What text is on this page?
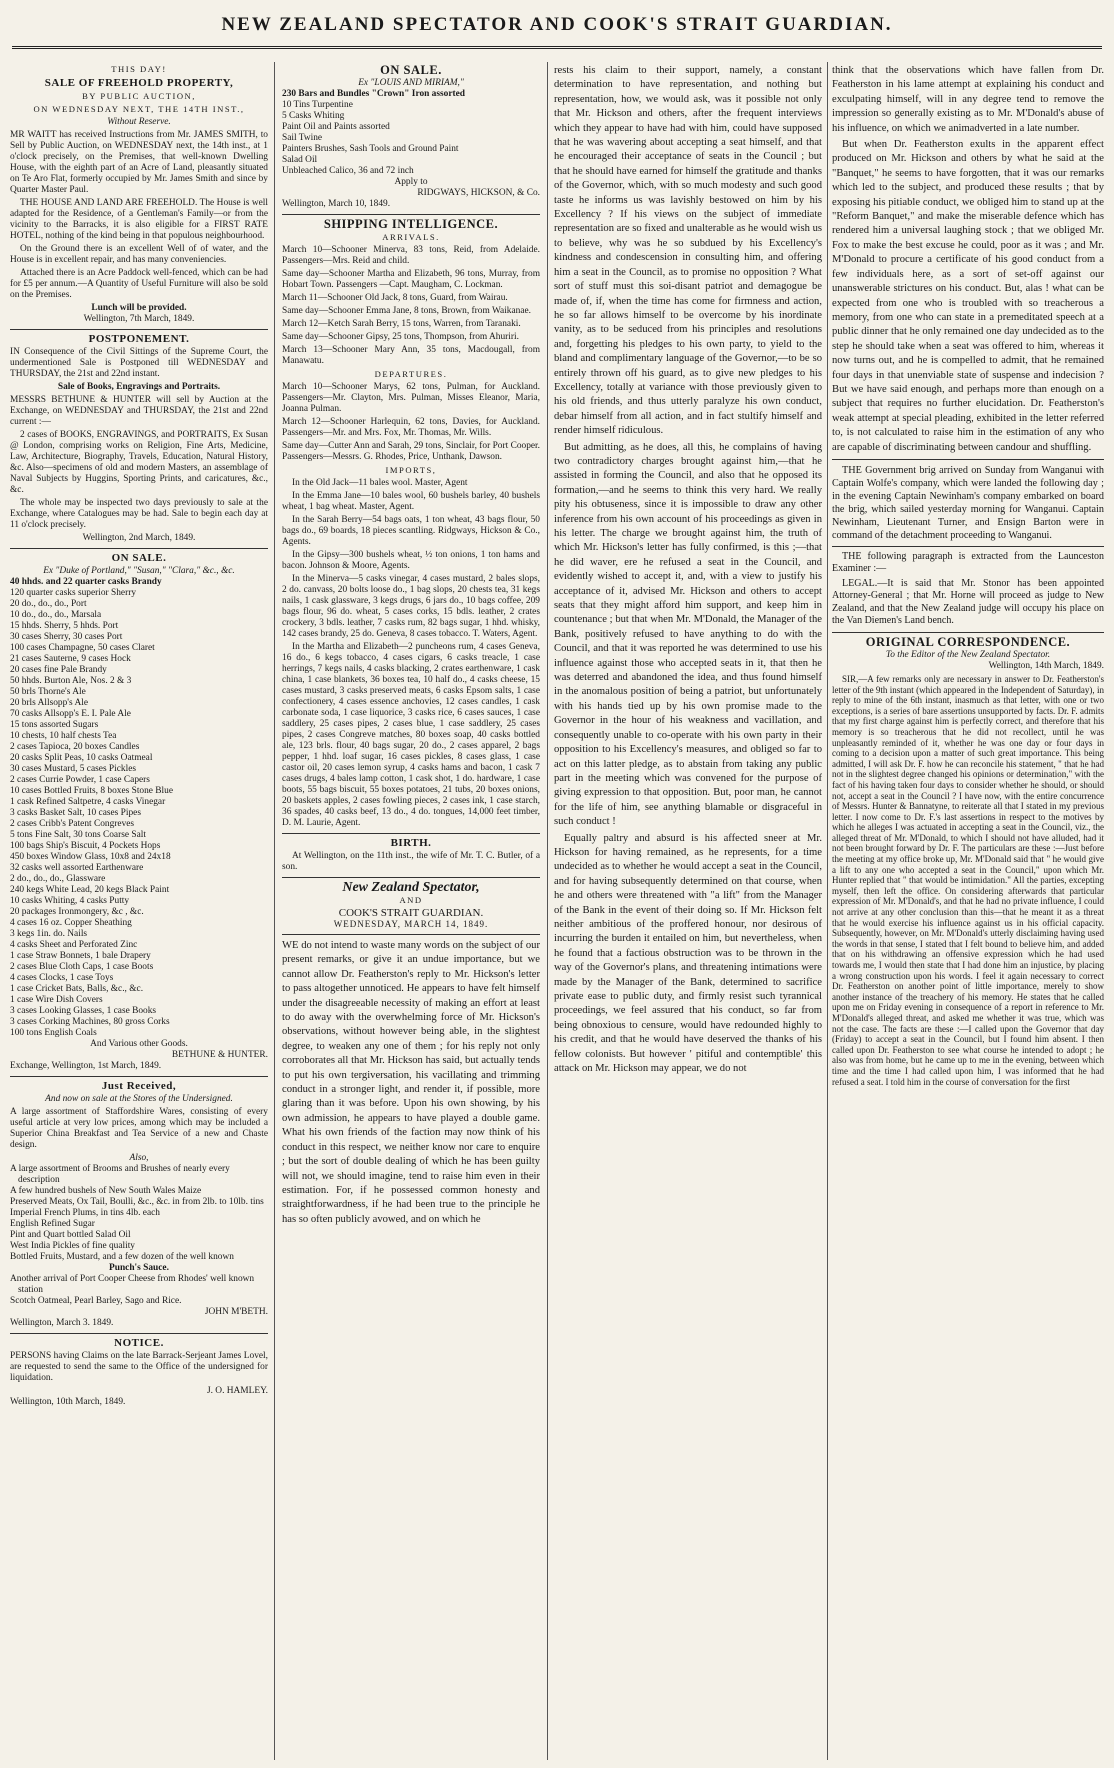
NEW ZEALAND SPECTATOR AND COOK'S STRAIT GUARDIAN.
THIS DAY!
SALE OF FREEHOLD PROPERTY,
BY PUBLIC AUCTION,
ON WEDNESDAY NEXT, THE 14TH INST.,
Without Reserve.

MR WAITT has received Instructions from Mr. JAMES SMITH, to Sell by Public Auction, on WEDNESDAY next, the 14th inst., at 1 o'clock precisely, on the Premises, that well-known Dwelling House, with the eighth part of an Acre of Land, pleasantly situated on Te Aro Flat, formerly occupied by Mr. James Smith and since by Quarter Master Paul.

THE HOUSE AND LAND ARE FREEHOLD. The House is well adapted for the Residence, of a Gentleman's Family—or from the vicinity to the Barracks, it is also eligible for a FIRST RATE HOTEL, nothing of the kind being in that populous neighbourhood.

On the Ground there is an excellent Well of of water, and the House is in excellent repair, and has many conveniencies.

Attached there is an Acre Paddock well-fenced, which can be had for £5 per annum.—A Quantity of Useful Furniture will also be sold on the Premises.

Lunch will be provided.
Wellington, 7th March, 1849.
POSTPONEMENT.

IN Consequence of the Civil Sittings of the Supreme Court, the undermentioned Sale is Postponed till WEDNESDAY and THURSDAY, the 21st and 22nd instant.

Sale of Books, Engravings and Portraits.

MESSRS BETHUNE & HUNTER will sell by Auction at the Exchange, on WEDNESDAY and THURSDAY, the 21st and 22nd current :—

2 cases of BOOKS, ENGRAVINGS, and PORTRAITS, Ex Susan @ London, comprising works on Religion, Fine Arts, Medicine, Law, Architecture, Biography, Travels, Education, Natural History, &c. Also—specimens of old and modern Masters, an assemblage of Naval Subjects by Huggins, Sporting Prints, and caricatures, &c., &c.

The whole may be inspected two days previously to sale at the Exchange, where Catalogues may be had. Sale to begin each day at 11 o'clock precisely.

Wellington, 2nd March, 1849.
ON SALE.
Ex "Duke of Portland," "Susan," "Clara," &c., &c.
40 hhds. and 22 quarter casks Brandy
120 quarter casks superior Sherry
20 do., do., do., Port
10 do., do., do., Marsala
15 hhds. Sherry, 5 hhds. Port
30 cases Sherry, 30 cases Port
100 cases Champagne, 50 cases Claret
21 cases Sauterne, 9 cases Hock
20 cases fine Pale Brandy
50 hhds. Burton Ale, Nos. 2 & 3
50 brls Thorne's Ale
20 brls Allsopp's Ale
70 casks Allsopp's E. I. Pale Ale
15 tons assorted Sugars
10 chests, 10 half chests Tea
2 cases Tapioca, 20 boxes Candles
20 casks Split Peas, 10 casks Oatmeal
30 cases Mustard, 5 cases Pickles
2 cases Currie Powder, 1 case Capers
10 cases Bottled Fruits, 8 boxes Stone Blue
1 cask Refined Saltpetre, 4 casks Vinegar
3 casks Basket Salt, 10 cases Pipes
2 cases Cribb's Patent Congreves
5 tons Fine Salt, 30 tons Coarse Salt
100 bags Ship's Biscuit, 4 Pockets Hops
450 boxes Window Glass, 10x8 and 24x18
32 casks well assorted Earthenware
2 do., do., do., Glassware
240 kegs White Lead, 20 kegs Black Paint
10 casks Whiting, 4 casks Putty
20 packages Ironmongery, &c , &c.
4 cases 16 oz. Copper Sheathing
3 kegs 1in. do. Nails
4 casks Sheet and Perforated Zinc
1 case Straw Bonnets, 1 bale Drapery
2 cases Blue Cloth Caps, 1 case Boots
4 cases Clocks, 1 case Toys
1 case Cricket Bats, Balls, &c., &c.
1 case Wire Dish Covers
3 cases Looking Glasses, 1 case Books
3 cases Corking Machines, 80 gross Corks
100 tons English Coals
And Various other Goods.
BETHUNE & HUNTER.
Exchange, Wellington, 1st March, 1849.
Just Received,
And now on sale at the Stores of the Undersigned.

A large assortment of Staffordshire Wares, consisting of every useful article at very low prices, among which may be included a Superior China Breakfast and Tea Service of a new and Chaste design.

Also,
A large assortment of Brooms and Brushes of nearly every description
A few hundred bushels of New South Wales Maize
Preserved Meats, Ox Tail, Boulli, &c., &c. in from 2lb. to 10lb. tins
Imperial French Plums, in tins 4lb. each
English Refined Sugar
Pint and Quart bottled Salad Oil
West India Pickles of fine quality
Bottled Fruits, Mustard, and a few dozen of the well known
Punch's Sauce.
Another arrival of Port Cooper Cheese from Rhodes' well known station
Scotch Oatmeal, Pearl Barley, Sago and Rice.
JOHN M'BETH.
Wellington, March 3. 1849.
NOTICE.

PERSONS having Claims on the late Barrack-Serjeant James Lovel, are requested to send the same to the Office of the undersigned for liquidation.

J. O. HAMLEY.
Wellington, 10th March, 1849.
ON SALE.
Ex "LOUIS AND MIRIAM,"
230 Bars and Bundles "Crown" Iron assorted
10 Tins Turpentine
5 Casks Whiting
Paint Oil and Paints assorted
Sail Twine
Painters Brushes, Sash Tools and Ground Paint
Salad Oil
Unbleached Calico, 36 and 72 inch
Apply to
RIDGWAYS, HICKSON, & Co.
Wellington, March 10, 1849.
SHIPPING INTELLIGENCE.
ARRIVALS.

March 10—Schooner Minerva, 83 tons, Reid, from Adelaide. Passengers—Mrs. Reid and child.

Same day—Schooner Martha and Elizabeth, 96 tons, Murray, from Hobart Town. Passengers —Capt. Maugham, C. Lockman.

March 11—Schooner Old Jack, 8 tons, Guard, from Wairau.

Same day—Schooner Emma Jane, 8 tons, Brown, from Waikanae.

March 12—Ketch Sarah Berry, 15 tons, Warren, from Taranaki.

Same day—Schooner Gipsy, 25 tons, Thompson, from Ahuriri.

March 13—Schooner Mary Ann, 35 tons, Macdougall, from Manawatu.

DEPARTURES.

March 10—Schooner Marys, 62 tons, Pulman, for Auckland. Passengers—Mr. Clayton, Mrs. Pulman, Misses Eleanor, Maria, Joanna Pulman.

March 12—Schooner Harlequin, 62 tons, Davies, for Auckland. Passengers—Mr. and Mrs. Fox, Mr. Thomas, Mr. Wills.

Same day—Cutter Ann and Sarah, 29 tons, Sinclair, for Port Cooper. Passengers—Messrs. G. Rhodes, Price, Unthank, Dawson.

IMPORTS,

In the Old Jack—11 bales wool. Master, Agent

In the Emma Jane—10 bales wool, 60 bushels barley, 40 bushels wheat, 1 bag wheat. Master, Agent.

In the Sarah Berry—54 bags oats, 1 ton wheat, 43 bags flour, 50 bags do., 69 boards, 18 pieces scantling. Ridgways, Hickson & Co., Agents.

In the Gipsy—300 bushels wheat, ½ ton onions, 1 ton hams and bacon. Johnson & Moore, Agents.

In the Minerva—5 casks vinegar, 4 cases mustard, 2 bales slops, 2 do. canvass, 20 bolts loose do., 1 bag slops, 20 chests tea, 31 kegs nails, 1 cask glassware, 3 kegs drugs, 6 jars do., 10 bags coffee, 209 bags flour, 96 do. wheat, 5 cases corks, 15 bdls. leather, 2 crates crockery, 3 bdls. leather, 7 casks rum, 82 bags sugar, 1 hhd. whisky, 142 cases brandy, 25 do. Geneva, 8 cases tobacco. T. Waters, Agent.

In the Martha and Elizabeth—2 puncheons rum, 4 cases Geneva, 16 do., 6 kegs tobacco, 4 cases cigars, 6 casks treacle, 1 case herrings, 7 kegs nails, 4 casks blacking, 2 crates earthenware, 1 cask china, 1 case blankets, 36 boxes tea, 10 half do., 4 casks cheese, 15 cases mustard, 3 casks preserved meats, 6 casks Epsom salts, 1 case confectionery, 4 cases essence anchovies, 12 cases candles, 1 cask carbonate soda, 1 case liquorice, 3 casks rice, 6 cases sauces, 1 case saddlery, 25 cases pipes, 2 cases blue, 1 case saddlery, 25 cases pipes, 2 cases Congreve matches, 80 boxes soap, 40 casks bottled ale, 123 brls. flour, 40 bags sugar, 20 do., 2 cases apparel, 2 bags pepper, 1 hhd. loaf sugar, 16 cases pickles, 8 cases glass, 1 case castor oil, 20 cases lemon syrup, 4 casks hams and bacon, 1 cask 7 cases drugs, 4 bales lamp cotton, 1 cask shot, 1 do. hardware, 1 case boots, 55 bags biscuit, 55 boxes potatoes, 21 tubs, 20 boxes onions, 20 baskets apples, 2 cases fowling pieces, 2 cases ink, 1 case starch, 36 spades, 40 casks beef, 13 do., 4 do. tongues, 14,000 feet timber, D. M. Laurie, Agent.

BIRTH.

At Wellington, on the 11th inst., the wife of Mr. T. C. Butler, of a son.

New Zealand Spectator,
AND
COOK'S STRAIT GUARDIAN.
WEDNESDAY, MARCH 14, 1849.

WE do not intend to waste many words on the subject of our present remarks, or give it an undue importance, but we cannot allow Dr. Featherston's reply to Mr. Hickson's letter to pass altogether unnoticed. He appears to have felt himself under the disagreeable necessity of making an effort at least to do away with the overwhelming force of Mr. Hickson's observations, without however being able, in the slightest degree, to weaken any one of them ; for his reply not only corroborates all that Mr. Hickson has said, but actually tends to put his own tergiversation, his vacillating and trimming conduct in a stronger light, and render it, if possible, more glaring than it was before. Upon his own showing, by his own admission, he appears to have played a double game. What his own friends of the faction may now think of his conduct in this respect, we neither know nor care to enquire ; but the sort of double dealing of which he has been guilty will not, we should imagine, tend to raise him even in their estimation. For, if he possessed common honesty and straightforwardness, if he had been true to the principle he has so often publicly avowed, and on which he

rests his claim to their support, namely, a constant determination to have representation, and nothing but representation, how, we would ask, was it possible not only that Mr. Hickson and others, after the frequent interviews which they appear to have had with him, could have supposed that he was wavering about accepting a seat himself, and that he encouraged their acceptance of seats in the Council ; but that he should have earned for himself the gratitude and thanks of the Governor, which, with so much modesty and such good taste he informs us was lavishly bestowed on him by his Excellency ? If his views on the subject of immediate representation are so fixed and unalterable as he would wish us to believe, why was he so subdued by his Excellency's kindness and condescension in consulting him, and offering him a seat in the Council, as to promise no opposition ? What sort of stuff must this soi-disant patriot and demagogue be made of, if, when the time has come for firmness and action, he so far allows himself to be overcome by his inordinate vanity, as to be seduced from his principles and resolutions and, forgetting his pledges to his own party, to yield to the bland and complimentary language of the Governor,—to be so entirely thrown off his guard, as to give new pledges to his Excellency, totally at variance with those previously given to his old friends, and thus utterly paralyze his own conduct, debar himself from all action, and in fact stultify himself and render himself ridiculous.

But admitting, as he does, all this, he complains of having two contradictory charges brought against him,—that he assisted in forming the Council, and also that he opposed its formation,—and he seems to think this very hard. We really pity his obtuseness, since it is impossible to draw any other inference from his own account of his proceedings as given in his letter. The charge we brought against him, the truth of which Mr. Hickson's letter has fully confirmed, is this ;—that he did waver, ere he refused a seat in the Council, and evidently wished to accept it, and, with a view to justify his acceptance of it, advised Mr. Hickson and others to accept seats that they might afford him support, and keep him in countenance ; but that when Mr. M'Donald, the Manager of the Bank, positively refused to have anything to do with the Council, and that it was reported he was determined to use his influence against those who accepted seats in it, that then he was deterred and abandoned the idea, and thus found himself in the anomalous position of being a patriot, but unfortunately with his hands tied up by his own promise made to the Governor in the hour of his weakness and vacillation, and consequently unable to co-operate with his own party in their opposition to his Excellency's measures, and obliged so far to act on this latter pledge, as to abstain from taking any public part in the meeting which was convened for the purpose of giving expression to that opposition. But, poor man, he cannot for the life of him, see anything blamable or disgraceful in such conduct !

Equally paltry and absurd is his affected sneer at Mr. Hickson for having remained, as he represents, for a time undecided as to whether he would accept a seat in the Council, and for having subsequently determined on that course, when he and others were threatened with "a lift" from the Manager of the Bank in the event of their doing so. If Mr. Hickson felt neither ambitious of the proffered honour, nor desirous of incurring the burden it entailed on him, but nevertheless, when he found that a factious obstruction was to be thrown in the way of the Governor's plans, and threatening intimations were made by the Manager of the Bank, determined to sacrifice private ease to public duty, and firmly resist such tyrannical proceedings, we feel assured that his conduct, so far from being obnoxious to censure, would have redounded highly to his credit, and that he would have deserved the thanks of his fellow colonists. But however ' pitiful and contemptible' this attack on Mr. Hickson may appear, we do not

think that the observations which have fallen from Dr. Featherston in his lame attempt at explaining his conduct and exculpating himself, will in any degree tend to remove the impression so generally existing as to Mr. M'Donald's abuse of his influence, on which we animadverted in a late number.

But when Dr. Featherston exults in the apparent effect produced on Mr. Hickson and others by what he said at the "Banquet," he seems to have forgotten, that it was our remarks which led to the subject, and produced these results ; that by exposing his pitiable conduct, we obliged him to stand up at the "Reform Banquet," and make the miserable defence which has rendered him a universal laughing stock ; that we obliged Mr. Fox to make the best excuse he could, poor as it was ; and Mr. M'Donald to procure a certificate of his good conduct from a few individuals here, as a sort of set-off against our unanswerable strictures on his conduct. But, alas ! what can be expected from one who is troubled with so treacherous a memory, from one who can state in a premeditated speech at a public dinner that he only remained one day undecided as to the step he should take when a seat was offered to him, whereas it now turns out, and he is compelled to admit, that he remained four days in that unenviable state of suspense and indecision ? But we have said enough, and perhaps more than enough on a subject that requires no further elucidation. Dr. Featherston's weak attempt at special pleading, exhibited in the letter referred to, is not calculated to raise him in the estimation of any who are capable of discriminating between candour and shuffling.

THE Government brig arrived on Sunday from Wanganui with Captain Wolfe's company, which were landed the following day ; in the evening Captain Newinham's company embarked on board the brig, which sailed yesterday morning for Wanganui. Captain Newinham, Lieutenant Turner, and Ensign Barton were in command of the detachment proceeding to Wanganui.

THE following paragraph is extracted from the Launceston Examiner :—

LEGAL.—It is said that Mr. Stonor has been appointed Attorney-General ; that Mr. Horne will proceed as judge to New Zealand, and that the New Zealand judge will occupy his place on the Van Diemen's Land bench.

ORIGINAL CORRESPONDENCE.
To the Editor of the New Zealand Spectator.
Wellington, 14th March, 1849.

SIR,—A few remarks only are necessary in answer to Dr. Featherston's letter of the 9th instant (which appeared in the Independent of Saturday), in reply to mine of the 6th instant, inasmuch as that letter, with one or two exceptions, is a series of bare assertions unsupported by facts. Dr. F. admits that my first charge against him is perfectly correct, and therefore that his memory is so treacherous that he did not recollect, until he was unpleasantly reminded of it, whether he was one day or four days in coming to a decision upon a matter of such great importance. This being admitted, I will ask Dr. F. how he can reconcile his statement, " that he had not in the slightest degree changed his opinions or determination," with the fact of his having taken four days to consider whether he should, or should not, accept a seat in the Council ? I have now, with the entire concurrence of Messrs. Hunter & Bannatyne, to reiterate all that I stated in my previous letter. I now come to Dr. F.'s last assertions in respect to the motives by which he alleges I was actuated in accepting a seat in the Council, viz., the alleged threat of Mr. M'Donald, to which I should not have alluded, had it not been brought forward by Dr. F. The particulars are these :—Just before the meeting at my office broke up, Mr. M'Donald said that " he would give a lift to any one who accepted a seat in the Council," upon which Mr. Hunter replied that " that would be intimidation." All the parties, excepting myself, then left the office. On considering afterwards that particular expression of Mr. M'Donald's, and that he had no private influence, I could not arrive at any other conclusion than this—that he meant it as a threat that he would exercise his influence against us in his official capacity. Subsequently, however, on Mr. M'Donald's utterly disclaiming having used the words in that sense, I stated that I felt bound to believe him, and added that on his withdrawing an offensive expression which he had used towards me, I would then state that I had done him an injustice, by placing a wrong construction upon his words. I feel it again necessary to correct Dr. Featherston on another point of little importance, merely to show another instance of the treachery of his memory. He states that he called upon me on Friday evening in consequence of a report in reference to Mr. M'Donald's alleged threat, and asked me whether it was true, which was not the case. The facts are these :—I called upon the Governor that day (Friday) to accept a seat in the Council, but I found him absent. I then called upon Dr. Featherston to see what course he intended to adopt ; he also was from home, but he came up to me in the evening, between which time and the time I had called upon him, I was informed that he had refused a seat. I told him in the course of conversation for the first
